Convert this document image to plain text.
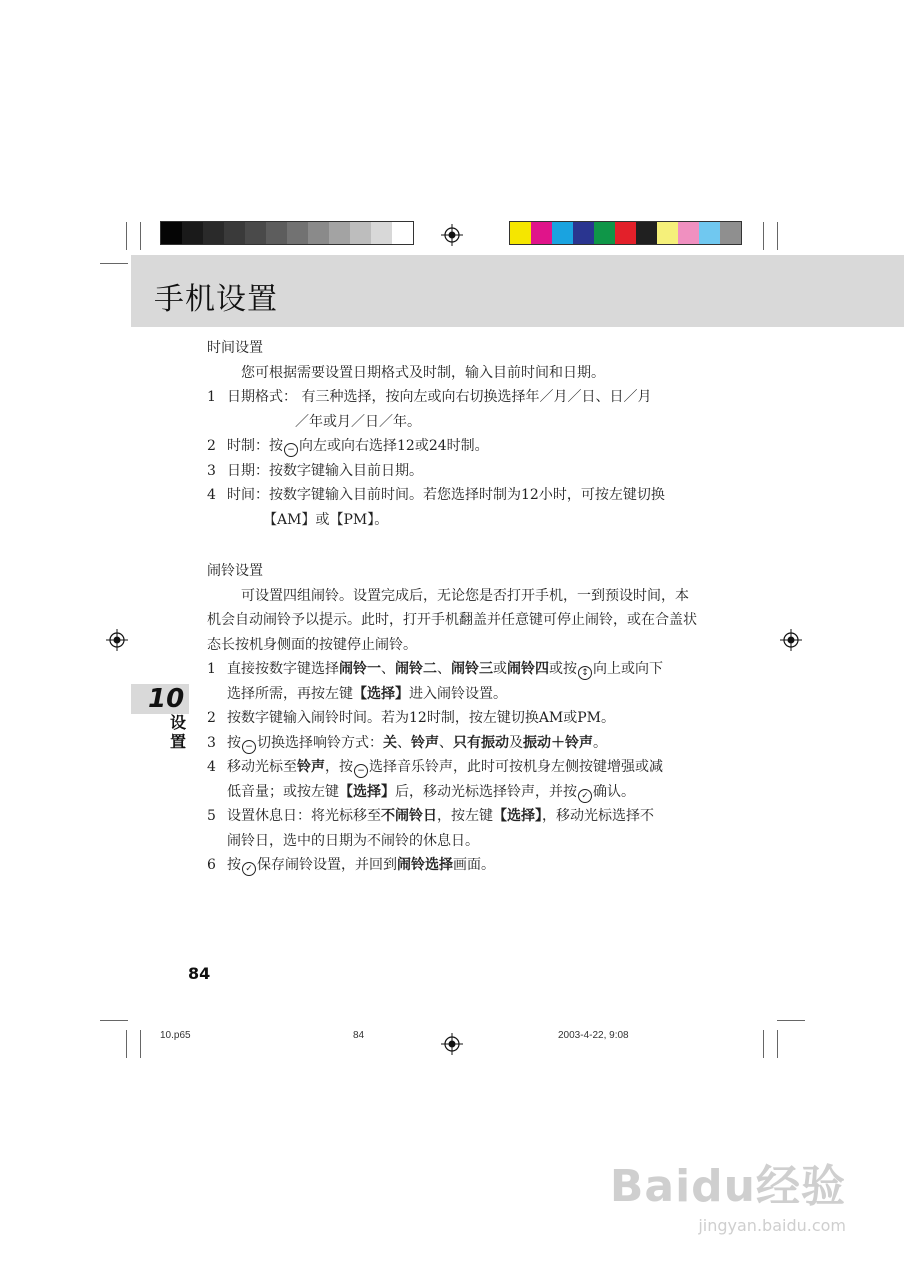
手机设置

时间设置

您可根据需要设置日期格式及时制，输入目前时间和日期。

1 日期格式： 有三种选择，按向左或向右切换选择年／月／日、日／月
／年或月／日／年。
2 时制：按 − 向左或向右选择12或24时制。
3 日期：按数字键输入目前日期。
4 时间：按数字键输入目前时间。若您选择时制为12小时，可按左键切换
【AM】或【PM】。

闹铃设置

可设置四组闹铃。设置完成后，无论您是否打开手机，一到预设时间，本机会自动闹铃予以提示。此时，打开手机翻盖并任意键可停止闹铃，或在合盖状态长按机身侧面的按键停止闹铃。

1 直接按数字键选择闹铃一、闹铃二、闹铃三或闹铃四或按 ↕ 向上或向下
选择所需，再按左键【选择】进入闹铃设置。
2 按数字键输入闹铃时间。若为12时制，按左键切换AM或PM。
3 按 − 切换选择响铃方式：关、铃声、只有振动及振动＋铃声。
4 移动光标至铃声，按 − 选择音乐铃声，此时可按机身左侧按键增强或减
低音量；或按左键【选择】后，移动光标选择铃声，并按 ✓ 确认。
5 设置休息日：将光标移至不闹铃日，按左键【选择】，移动光标选择不
闹铃日，选中的日期为不闹铃的休息日。
6 按 ✓ 保存闹铃设置，并回到闹铃选择画面。
10
设置
84
10.p65	84	2003-4-22, 9:08
Baidu经验
jingyan.baidu.com
